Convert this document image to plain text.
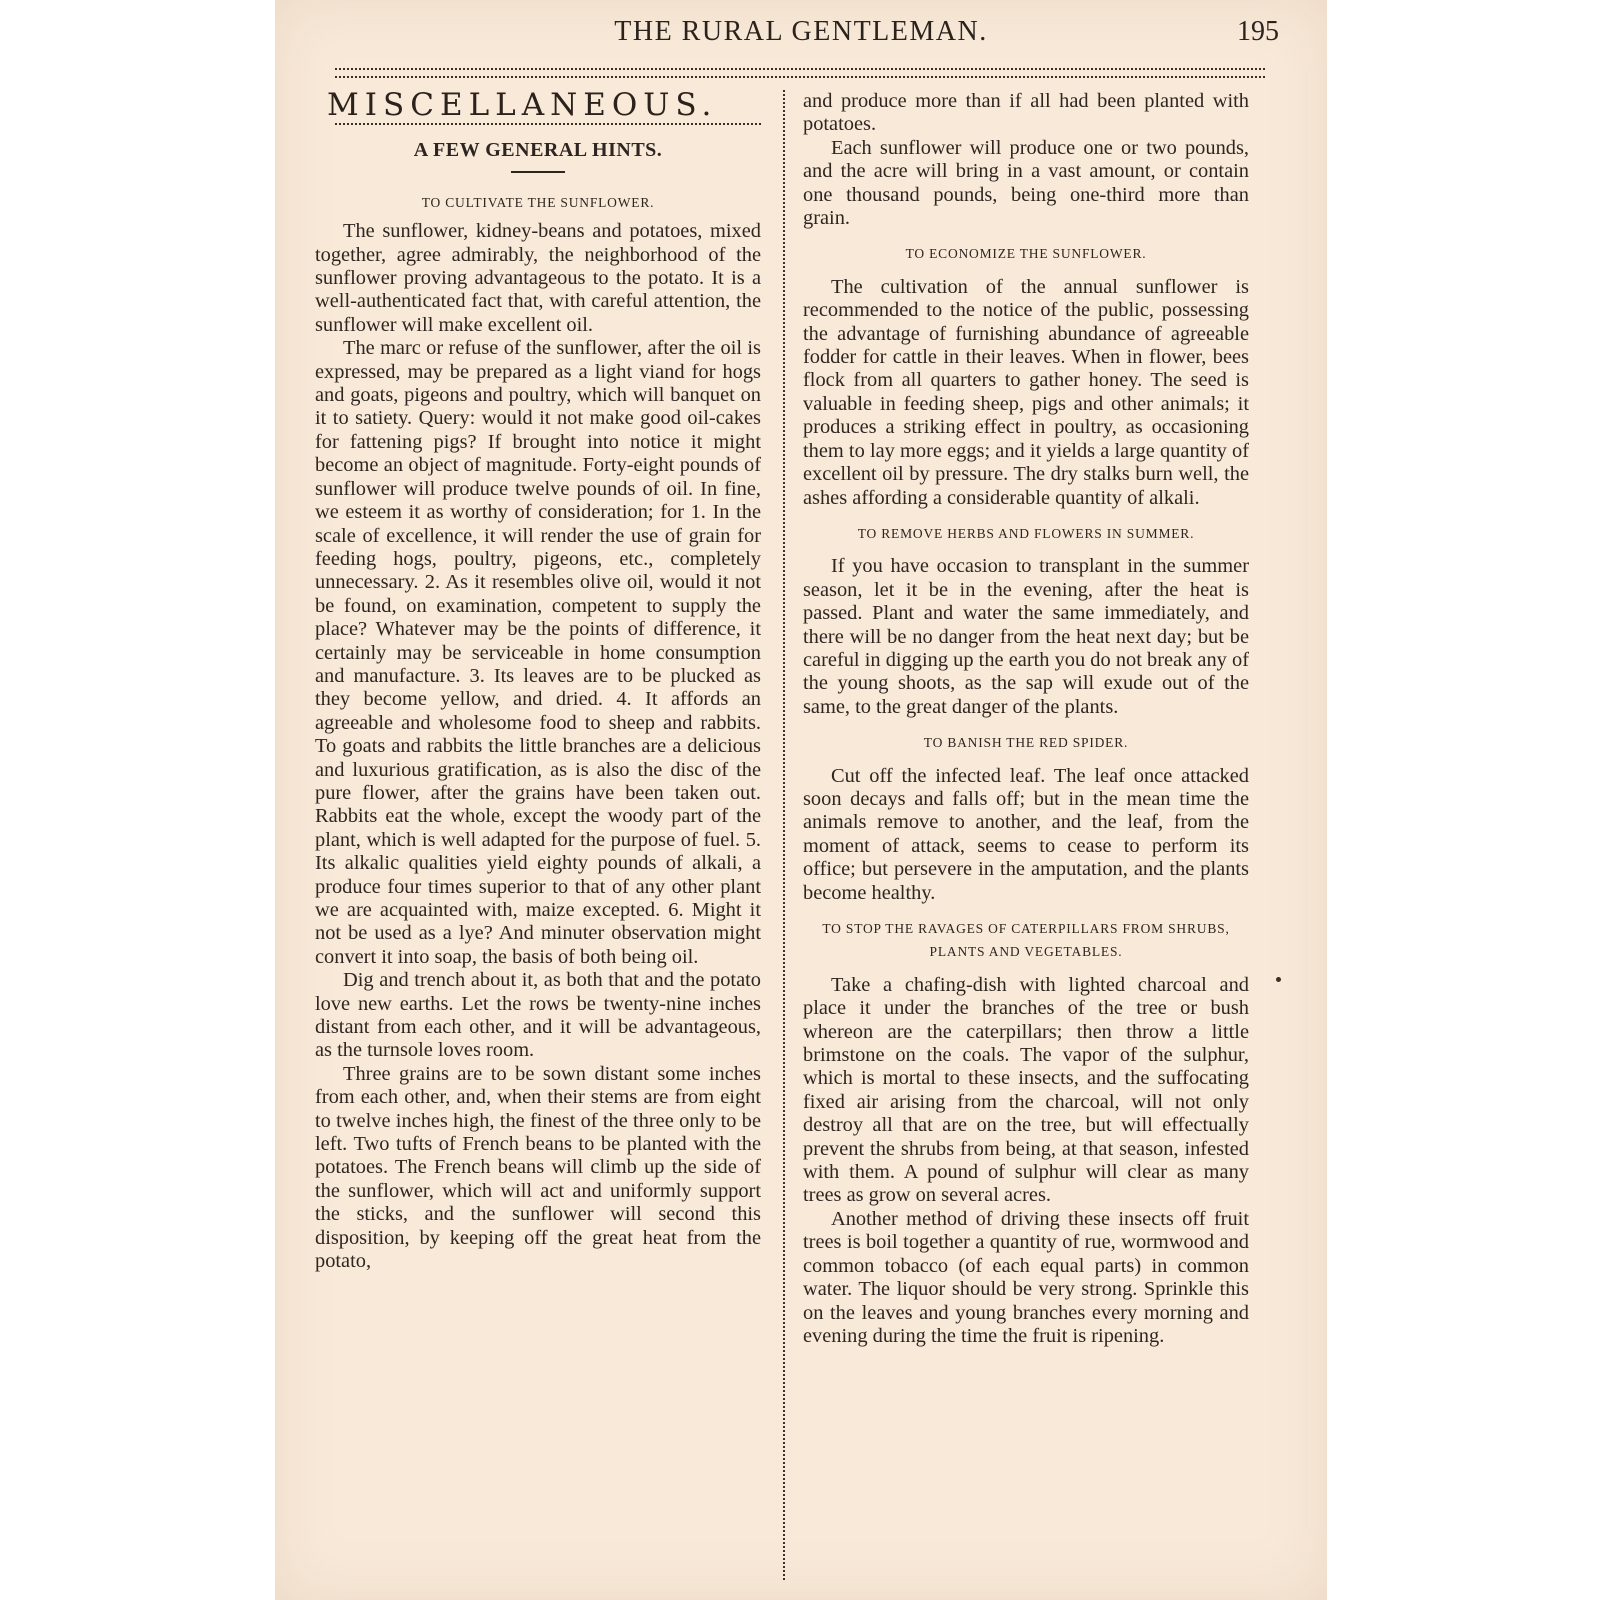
THE RURAL GENTLEMAN.	195
MISCELLANEOUS.
A FEW GENERAL HINTS.
TO CULTIVATE THE SUNFLOWER.

The sunflower, kidney-beans and potatoes, mixed together, agree admirably, the neighborhood of the sunflower proving advantageous to the potato. It is a well-authenticated fact that, with careful attention, the sunflower will make excellent oil.

The marc or refuse of the sunflower, after the oil is expressed, may be prepared as a light viand for hogs and goats, pigeons and poultry, which will banquet on it to satiety. Query: would it not make good oil-cakes for fattening pigs? If brought into notice it might become an object of magnitude. Forty-eight pounds of sunflower will produce twelve pounds of oil. In fine, we esteem it as worthy of consideration; for 1. In the scale of excellence, it will render the use of grain for feeding hogs, poultry, pigeons, etc., completely unnecessary. 2. As it resembles olive oil, would it not be found, on examination, competent to supply the place? Whatever may be the points of difference, it certainly may be serviceable in home consumption and manufacture. 3. Its leaves are to be plucked as they become yellow, and dried. 4. It affords an agreeable and wholesome food to sheep and rabbits. To goats and rabbits the little branches are a delicious and luxurious gratification, as is also the disc of the pure flower, after the grains have been taken out. Rabbits eat the whole, except the woody part of the plant, which is well adapted for the purpose of fuel. 5. Its alkalic qualities yield eighty pounds of alkali, a produce four times superior to that of any other plant we are acquainted with, maize excepted. 6. Might it not be used as a lye? And minuter observation might convert it into soap, the basis of both being oil.

Dig and trench about it, as both that and the potato love new earths. Let the rows be twenty-nine inches distant from each other, and it will be advantageous, as the turnsole loves room.

Three grains are to be sown distant some inches from each other, and, when their stems are from eight to twelve inches high, the finest of the three only to be left. Two tufts of French beans to be planted with the potatoes. The French beans will climb up the side of the sunflower, which will act and uniformly support the sticks, and the sunflower will second this disposition, by keeping off the great heat from the potato,

and produce more than if all had been planted with potatoes.

Each sunflower will produce one or two pounds, and the acre will bring in a vast amount, or contain one thousand pounds, being one-third more than grain.

TO ECONOMIZE THE SUNFLOWER.

The cultivation of the annual sunflower is recommended to the notice of the public, possessing the advantage of furnishing abundance of agreeable fodder for cattle in their leaves. When in flower, bees flock from all quarters to gather honey. The seed is valuable in feeding sheep, pigs and other animals; it produces a striking effect in poultry, as occasioning them to lay more eggs; and it yields a large quantity of excellent oil by pressure. The dry stalks burn well, the ashes affording a considerable quantity of alkali.

TO REMOVE HERBS AND FLOWERS IN SUMMER.

If you have occasion to transplant in the summer season, let it be in the evening, after the heat is passed. Plant and water the same immediately, and there will be no danger from the heat next day; but be careful in digging up the earth you do not break any of the young shoots, as the sap will exude out of the same, to the great danger of the plants.

TO BANISH THE RED SPIDER.

Cut off the infected leaf. The leaf once attacked soon decays and falls off; but in the mean time the animals remove to another, and the leaf, from the moment of attack, seems to cease to perform its office; but persevere in the amputation, and the plants become healthy.

TO STOP THE RAVAGES OF CATERPILLARS FROM SHRUBS, PLANTS AND VEGETABLES.

Take a chafing-dish with lighted charcoal and place it under the branches of the tree or bush whereon are the caterpillars; then throw a little brimstone on the coals. The vapor of the sulphur, which is mortal to these insects, and the suffocating fixed air arising from the charcoal, will not only destroy all that are on the tree, but will effectually prevent the shrubs from being, at that season, infested with them. A pound of sulphur will clear as many trees as grow on several acres.

Another method of driving these insects off fruit trees is boil together a quantity of rue, wormwood and common tobacco (of each equal parts) in common water. The liquor should be very strong. Sprinkle this on the leaves and young branches every morning and evening during the time the fruit is ripening.
